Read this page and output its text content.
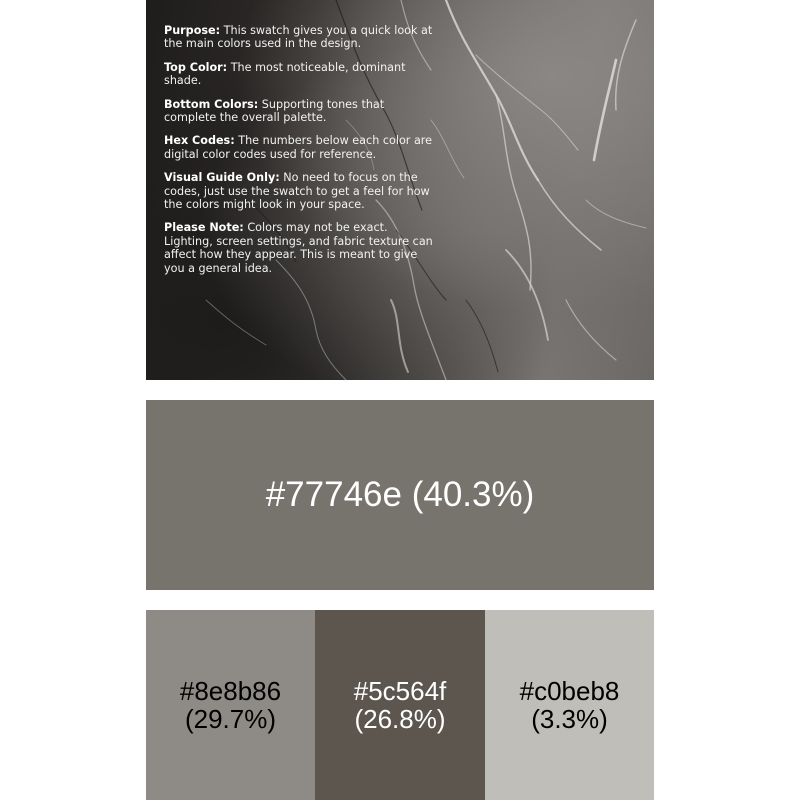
Purpose: This swatch gives you a quick look at the main colors used in the design.

Top Color: The most noticeable, dominant shade.

Bottom Colors: Supporting tones that complete the overall palette.

Hex Codes: The numbers below each color are digital color codes used for reference.

Visual Guide Only: No need to focus on the codes, just use the swatch to get a feel for how the colors might look in your space.

Please Note: Colors may not be exact. Lighting, screen settings, and fabric texture can affect how they appear. This is meant to give you a general idea.

#77746e (40.3%)
#8e8b86
(29.7%)
#5c564f
(26.8%)
#c0beb8
(3.3%)
